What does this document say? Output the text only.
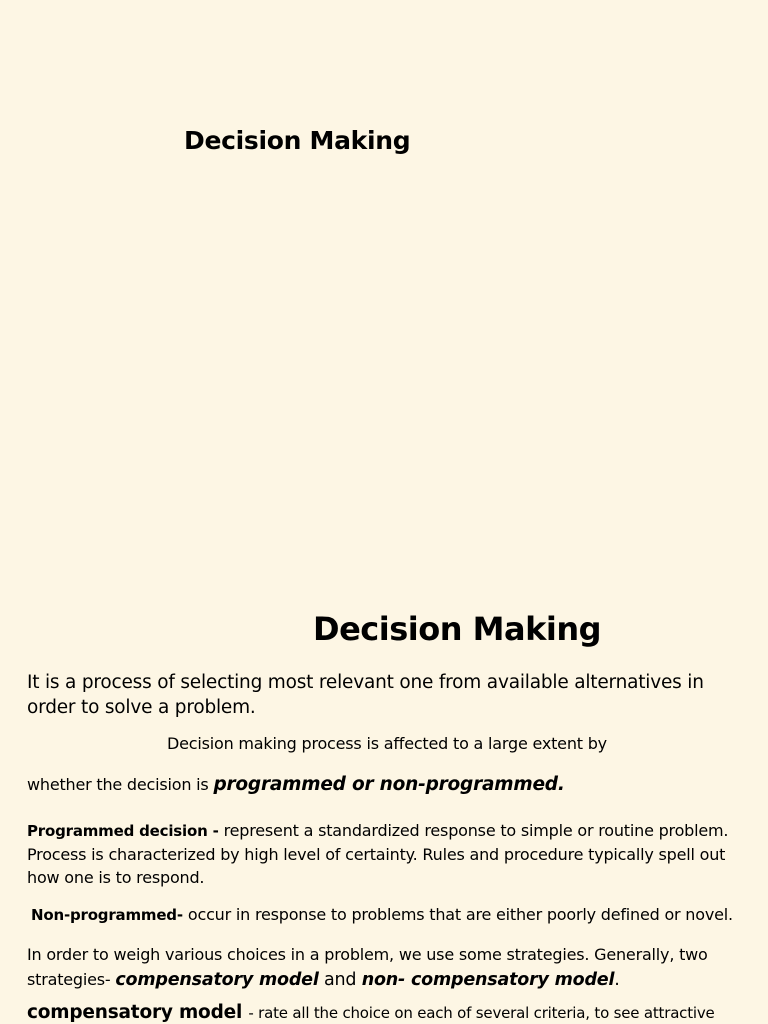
Decision Making
Decision Making
It is a process of selecting most relevant one from available alternatives in order to solve a problem.
Decision making process is affected to a large extent by
whether the decision is programmed or non-programmed.
Programmed decision - represent a standardized response to simple or routine problem. Process is characterized by high level of certainty. Rules and procedure typically spell out how one is to respond.
Non-programmed- occur in response to problems that are either poorly defined or novel.
In order to weigh various choices in a problem, we use some strategies. Generally, two strategies- compensatory model and non- compensatory model.
compensatory model - rate all the choice on each of several criteria, to see attractive
